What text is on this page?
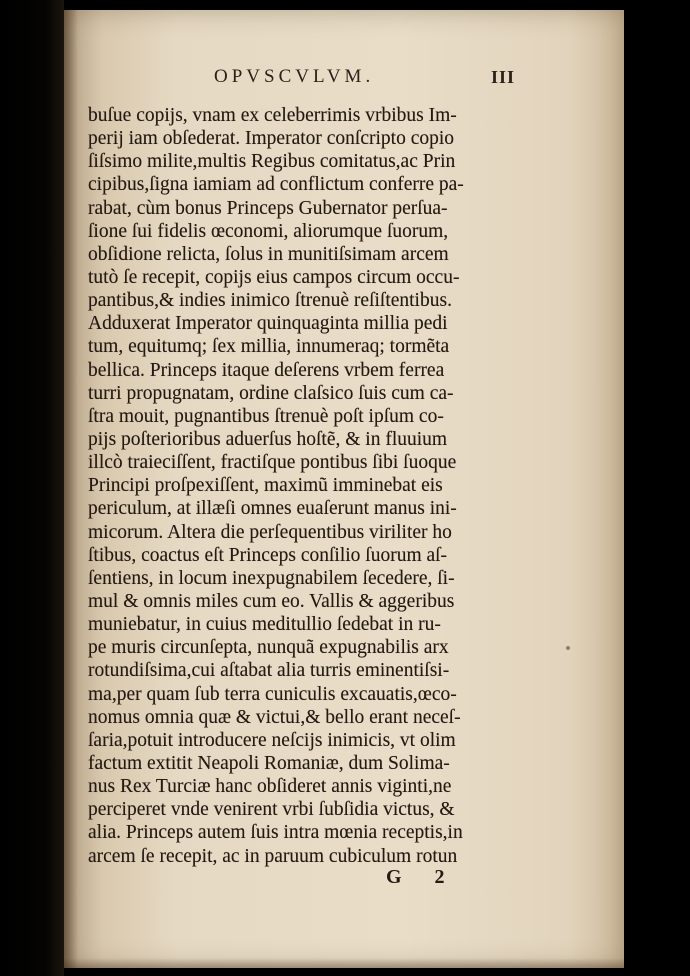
OPVSCVLVM.	III
buſue copijs, vnam ex celeberrimis vrbibus Im-
perij iam obſederat. Imperator conſcripto copio
ſiſsimo milite,multis Regibus comitatus,ac Prin
cipibus,ſigna iamiam ad conflictum conferre pa-
rabat, cùm bonus Princeps Gubernator perſua-
ſione ſui fidelis œconomi, aliorumque ſuorum,
obſidione relicta, ſolus in munitiſsimam arcem
tutò ſe recepit, copijs eius campos circum occu-
pantibus,& indies inimico ſtrenuè reſiſtentibus.
Adduxerat Imperator quinquaginta millia pedi
tum, equitumq; ſex millia, innumeraq; tormẽta
bellica. Princeps itaque deſerens vrbem ferrea
turri propugnatam, ordine claſsico ſuis cum ca-
ſtra mouit, pugnantibus ſtrenuè poſt ipſum co-
pijs poſterioribus aduerſus hoſtẽ, & in fluuium
illcò traieciſſent, fractiſque pontibus ſibi ſuoque
Principi proſpexiſſent, maximũ imminebat eis
periculum, at illæſi omnes euaſerunt manus ini-
micorum. Altera die perſequentibus viriliter ho
ſtibus, coactus eſt Princeps conſilio ſuorum aſ-
ſentiens, in locum inexpugnabilem ſecedere, ſi-
mul & omnis miles cum eo. Vallis & aggeribus
muniebatur, in cuius meditullio ſedebat in ru-
pe muris circunſepta, nunquã expugnabilis arx
rotundiſsima,cui aſtabat alia turris eminentiſsi-
ma,per quam ſub terra cuniculis excauatis,œco-
nomus omnia quæ & victui,& bello erant neceſ-
ſaria,potuit introducere neſcijs inimicis, vt olim
factum extitit Neapoli Romaniæ, dum Solima-
nus Rex Turciæ hanc obſideret annis viginti,ne
perciperet vnde venirent vrbi ſubſidia victus, &
alia. Princeps autem ſuis intra mœnia receptis,in
arcem ſe recepit, ac in paruum cubiculum rotun
G 2
